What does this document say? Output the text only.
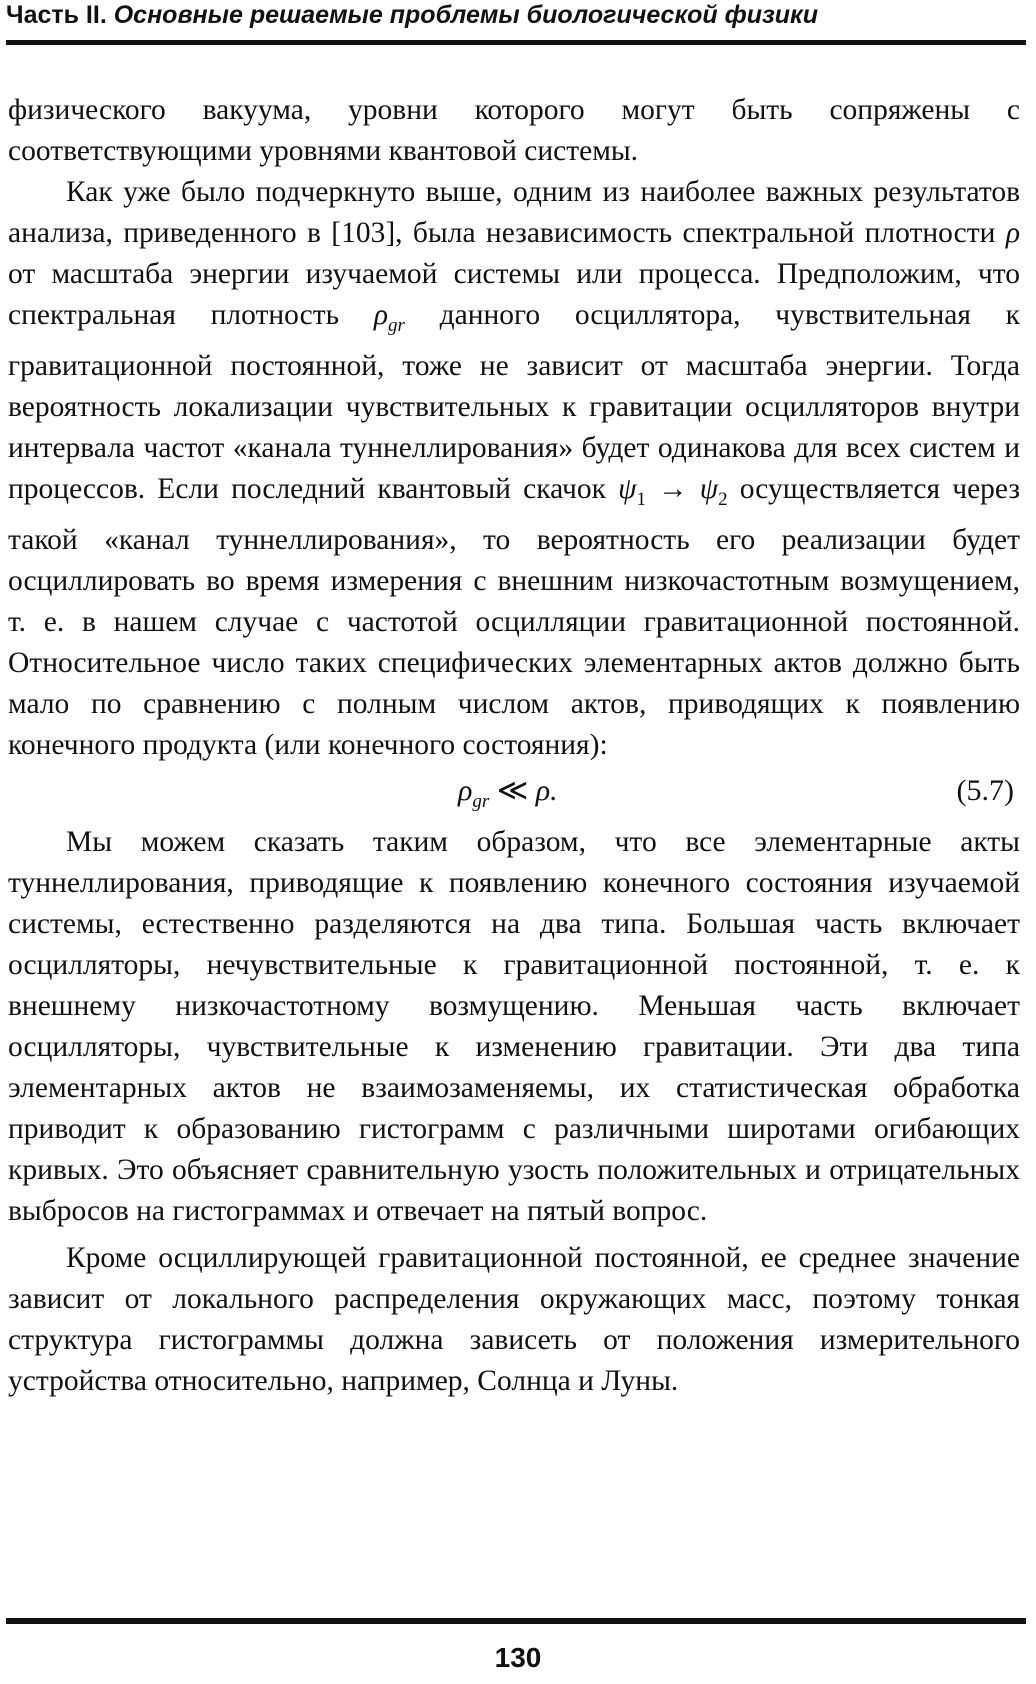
Часть II. Основные решаемые проблемы биологической физики

физического вакуума, уровни которого могут быть сопряжены с соответствующими уровнями квантовой системы.

Как уже было подчеркнуто выше, одним из наиболее важных результатов анализа, приведенного в [103], была независимость спектральной плотности ρ от масштаба энергии изучаемой системы или процесса. Предположим, что спектральная плотность $\rho_{gr}$ данного осциллятора, чувствительная к гравитационной постоянной, тоже не зависит от масштаба энергии. Тогда вероятность локализации чувствительных к гравитации осцилляторов внутри интервала частот «канала туннеллирования» будет одинакова для всех систем и процессов. Если последний квантовый скачок $\psi_1 \to \psi_2$ осуществляется через такой «канал туннеллирования», то вероятность его реализации будет осциллировать во время измерения с внешним низкочастотным возмущением, т. е. в нашем случае с частотой осцилляции гравитационной постоянной. Относительное число таких специфических элементарных актов должно быть мало по сравнению с полным числом актов, приводящих к появлению конечного продукта (или конечного состояния):

$\rho_{gr}$ ≪ ρ.	(5.7)

Мы можем сказать таким образом, что все элементарные акты туннеллирования, приводящие к появлению конечного состояния изучаемой системы, естественно разделяются на два типа. Большая часть включает осцилляторы, нечувствительные к гравитационной постоянной, т. е. к внешнему низкочастотному возмущению. Меньшая часть включает осцилляторы, чувствительные к изменению гравитации. Эти два типа элементарных актов не взаимозаменяемы, их статистическая обработка приводит к образованию гистограмм с различными широтами огибающих кривых. Это объясняет сравнительную узость положительных и отрицательных выбросов на гистограммах и отвечает на пятый вопрос.

Кроме осциллирующей гравитационной постоянной, ее среднее значение зависит от локального распределения окружающих масс, поэтому тонкая структура гистограммы должна зависеть от положения измерительного устройства относительно, например, Солнца и Луны.

130
